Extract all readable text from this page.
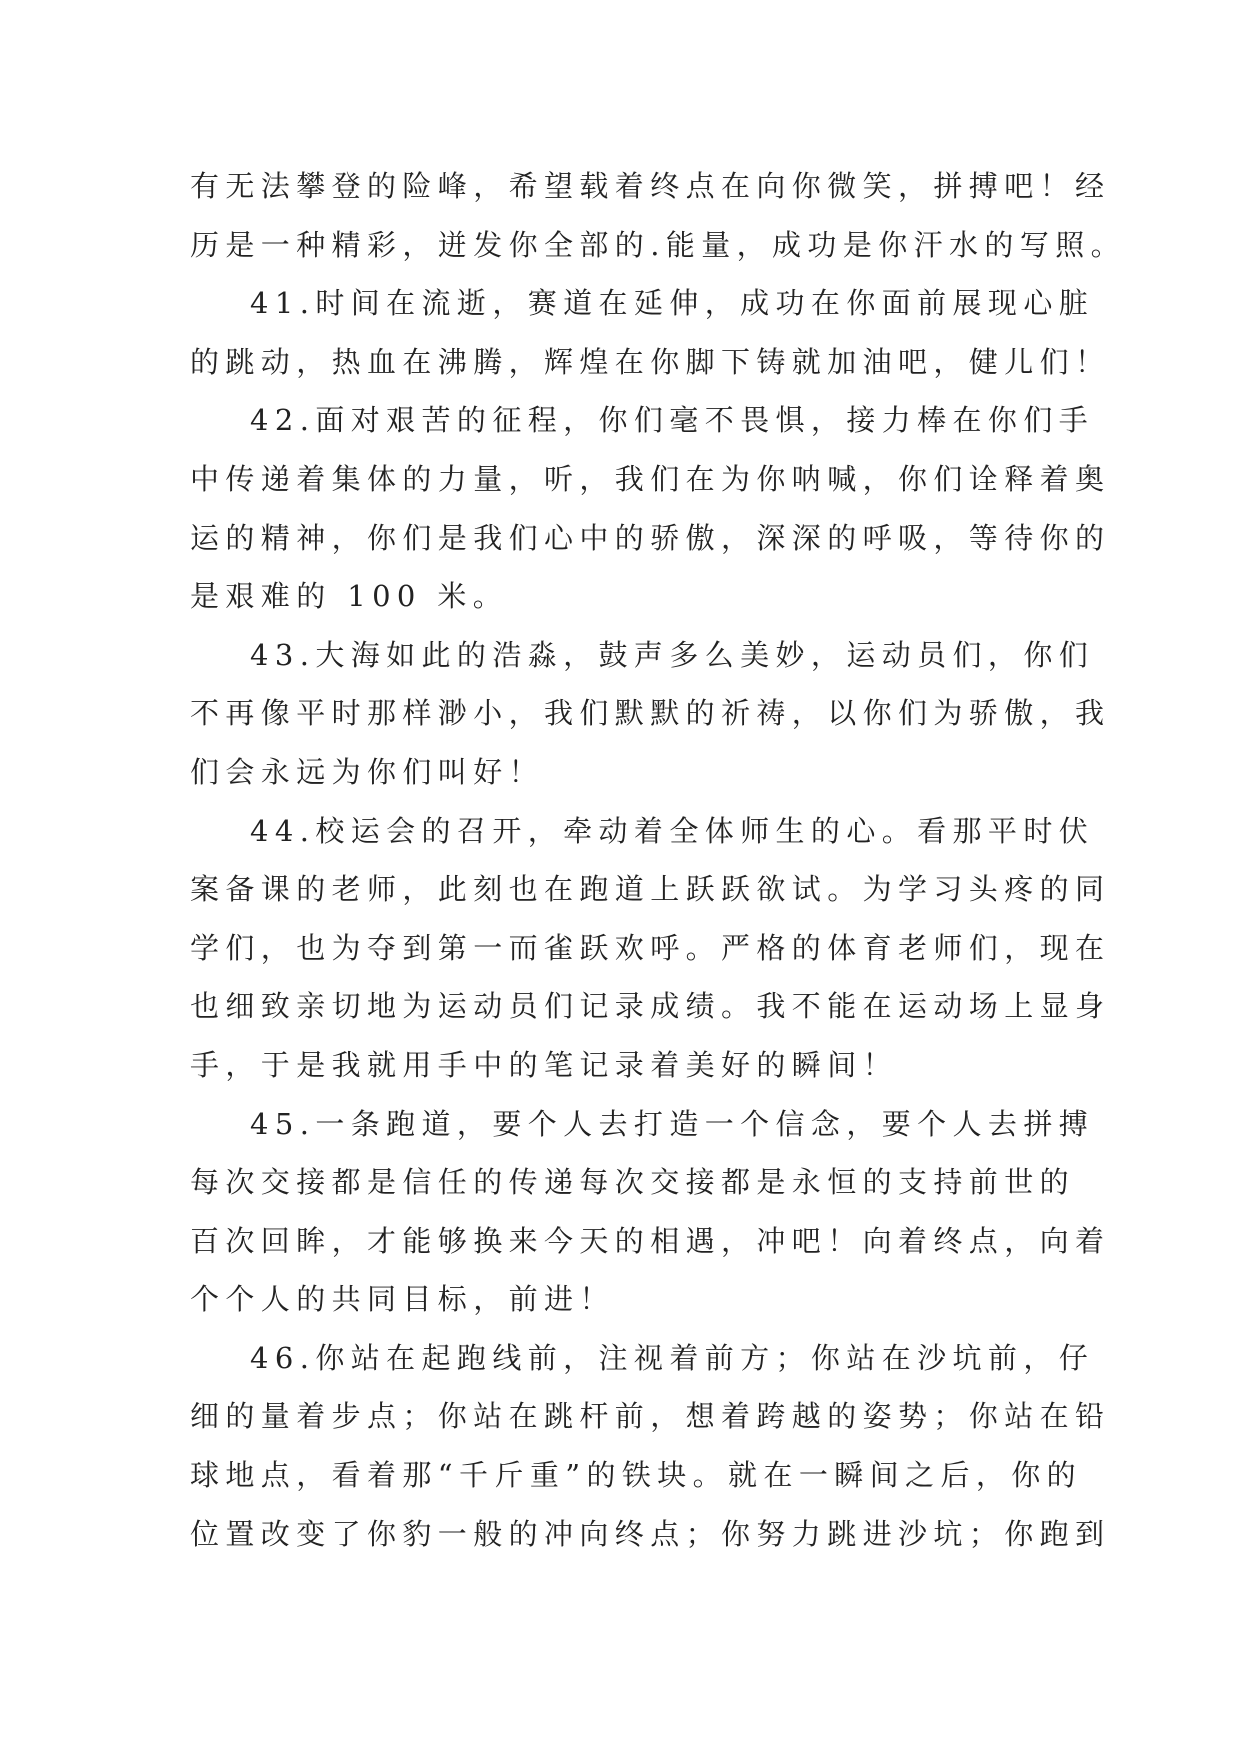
有无法攀登的险峰，希望载着终点在向你微笑，拼搏吧！经
历是一种精彩，迸发你全部的.能量，成功是你汗水的写照。
41.时间在流逝，赛道在延伸，成功在你面前展现心脏
的跳动，热血在沸腾，辉煌在你脚下铸就加油吧，健儿们！
42.面对艰苦的征程，你们毫不畏惧，接力棒在你们手
中传递着集体的力量，听，我们在为你呐喊，你们诠释着奥
运的精神，你们是我们心中的骄傲，深深的呼吸，等待你的
是艰难的 100 米。
43.大海如此的浩淼，鼓声多么美妙，运动员们，你们
不再像平时那样渺小，我们默默的祈祷，以你们为骄傲，我
们会永远为你们叫好！
44.校运会的召开，牵动着全体师生的心。看那平时伏
案备课的老师，此刻也在跑道上跃跃欲试。为学习头疼的同
学们，也为夺到第一而雀跃欢呼。严格的体育老师们，现在
也细致亲切地为运动员们记录成绩。我不能在运动场上显身
手，于是我就用手中的笔记录着美好的瞬间！
45.一条跑道，要个人去打造一个信念，要个人去拼搏
每次交接都是信任的传递每次交接都是永恒的支持前世的
百次回眸，才能够换来今天的相遇，冲吧！向着终点，向着
个个人的共同目标，前进！
46.你站在起跑线前，注视着前方；你站在沙坑前，仔
细的量着步点；你站在跳杆前，想着跨越的姿势；你站在铅
球地点，看着那“千斤重”的铁块。就在一瞬间之后，你的
位置改变了你豹一般的冲向终点；你努力跳进沙坑；你跑到
